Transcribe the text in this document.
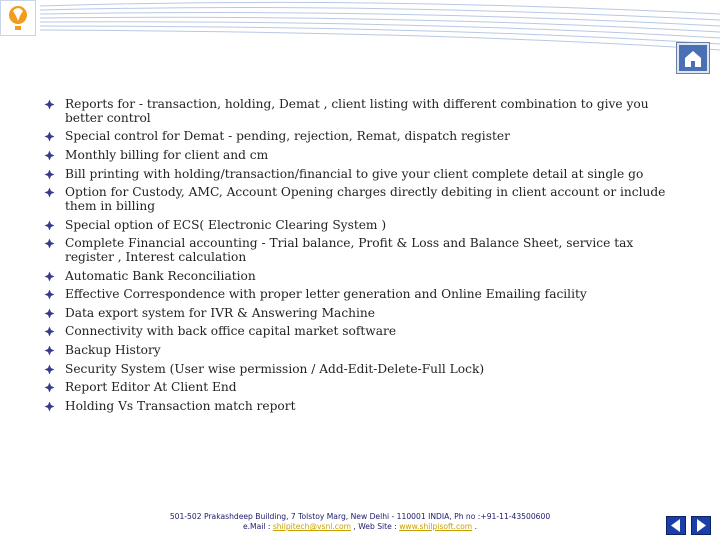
Reports for - transaction, holding, Demat , client listing with different combination to give you better control
Special control for Demat - pending, rejection, Remat, dispatch register
Monthly billing for client and cm
Bill printing with holding/transaction/financial to give your client complete detail at single go
Option for Custody, AMC, Account Opening charges directly debiting in client account or include them in billing
Special option of ECS( Electronic Clearing System )
Complete Financial accounting - Trial balance, Profit & Loss and Balance Sheet, service tax register , Interest calculation
Automatic Bank Reconciliation
Effective Correspondence with proper letter generation and Online Emailing facility
Data export system for IVR & Answering Machine
Connectivity with back office capital market software
Backup History
Security System (User wise permission / Add-Edit-Delete-Full Lock)
Report Editor At Client End
Holding Vs Transaction match report
501-502 Prakashdeep Building, 7 Tolstoy Marg, New Delhi - 110001 INDIA, Ph no :+91-11-43500600
e.Mail : shilpitech@vsnl.com , Web Site : www.shilpisoft.com .
